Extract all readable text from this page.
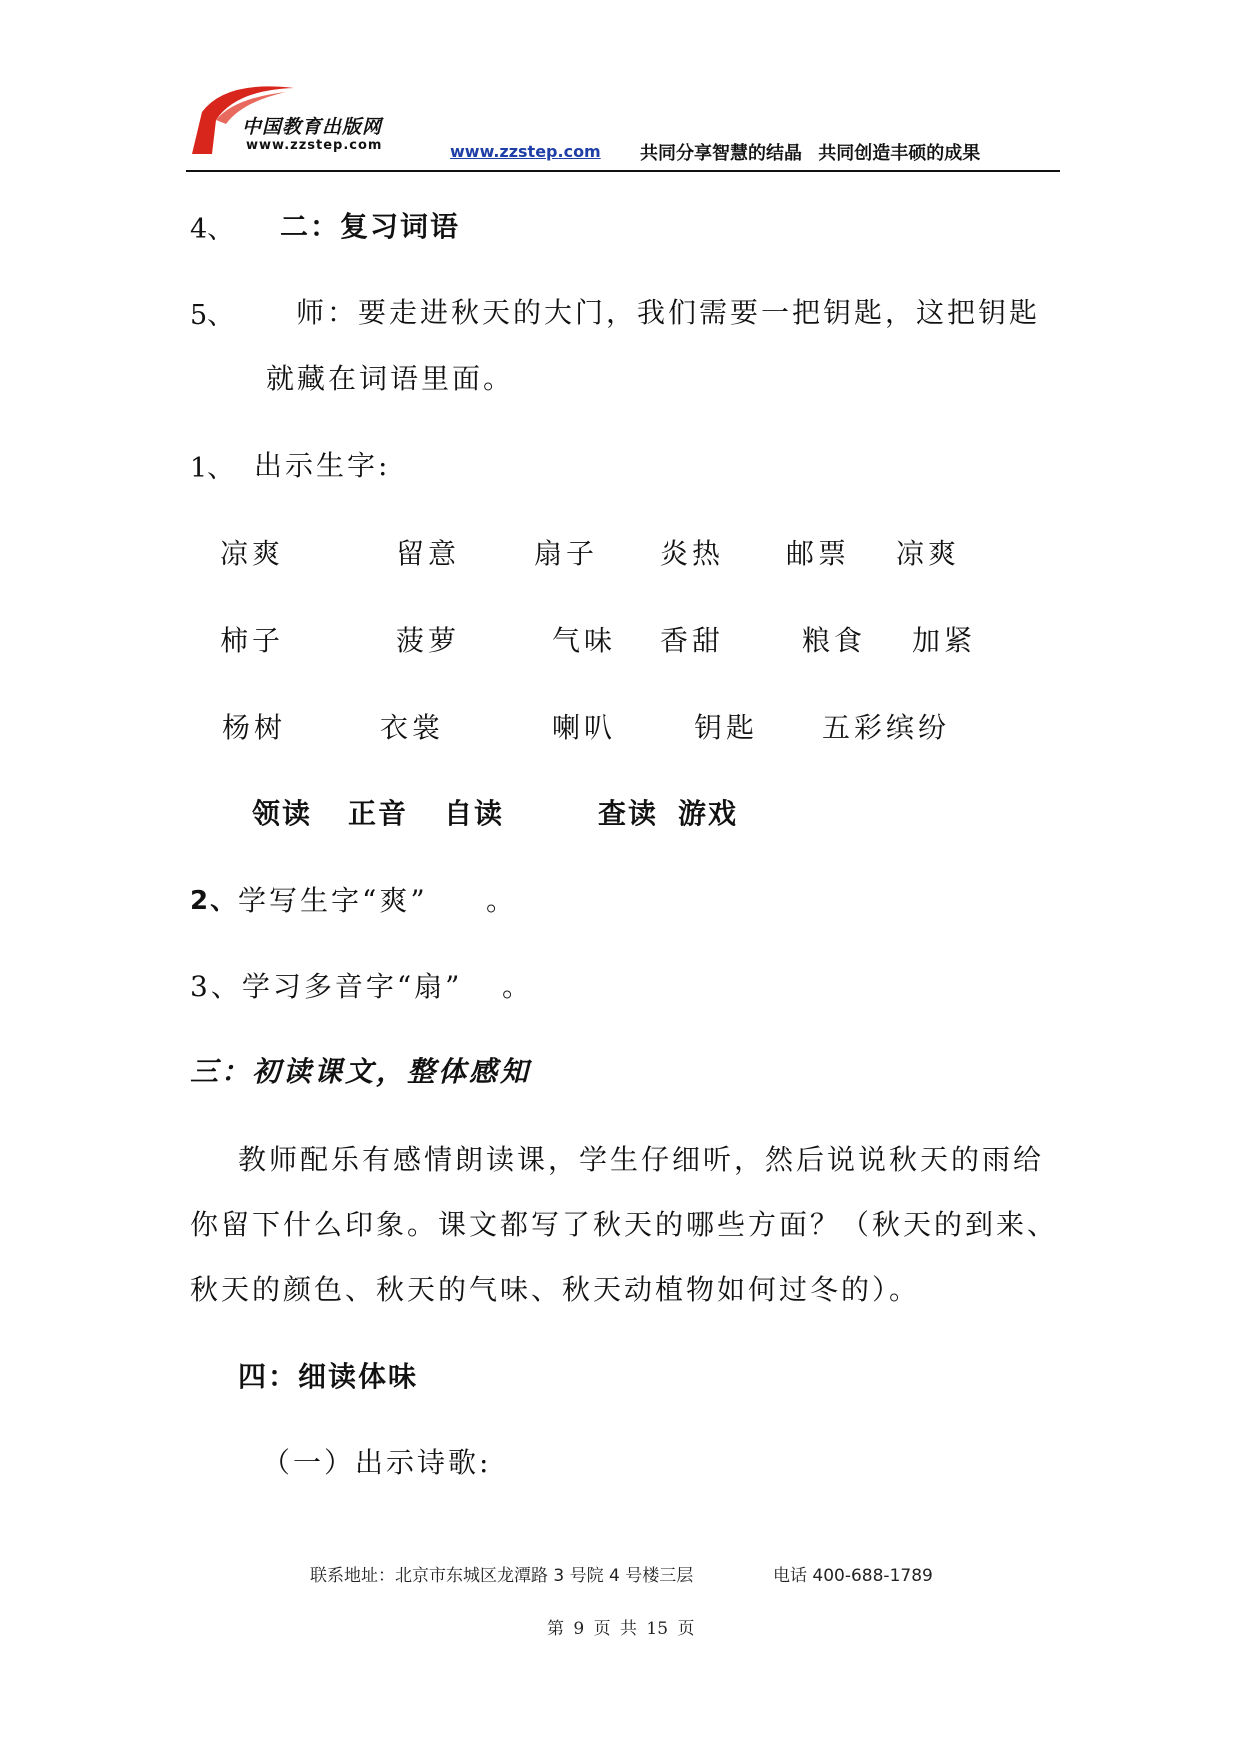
中国教育出版网
www.zzstep.com	www.zzstep.com 共同分享智慧的结晶 共同创造丰硕的成果
4、 二：复习词语
5、 师：要走进秋天的大门，我们需要一把钥匙，这把钥匙
就藏在词语里面。
1、 出示生字:
凉爽	留意	扇子 炎热 邮票 凉爽
柿子	菠萝	气味 香甜	粮食 加紧
杨树	衣裳	喇叭	钥匙 五彩缤纷
领读 正音 自读	查读 游戏
2、 学写生字“爽” 。
3、学习多音字“扇” 。
三：初读课文，整体感知
教师配乐有感情朗读课，学生仔细听，然后说说秋天的雨给
你留下什么印象。课文都写了秋天的哪些方面？（秋天的到来、
秋天的颜色、秋天的气味、秋天动植物如何过冬的）。
四：细读体味
（一）出示诗歌:
联系地址：北京市东城区龙潭路 3 号院 4 号楼三层	电话 400-688-1789
第 9 页 共 15 页
